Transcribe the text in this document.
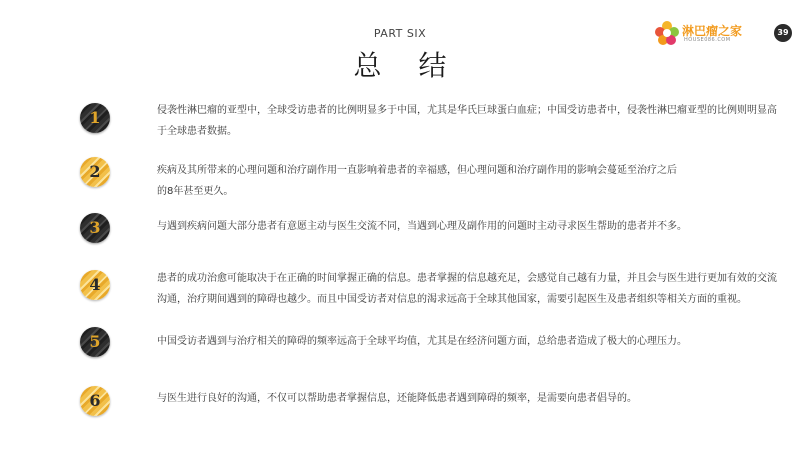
PART SIX
总 结
淋巴瘤之家
HOUSE086.COM
39
1	侵袭性淋巴瘤的亚型中，全球受访患者的比例明显多于中国，尤其是华氏巨球蛋白血症；中国受访患者中，侵袭性淋巴瘤亚型的比例则明显高于全球患者数据。
2	疾病及其所带来的心理问题和治疗副作用一直影响着患者的幸福感，但心理问题和治疗副作用的影响会蔓延至治疗之后的8年甚至更久。
3	与遇到疾病问题大部分患者有意愿主动与医生交流不同，当遇到心理及副作用的问题时主动寻求医生帮助的患者并不多。
4	患者的成功治愈可能取决于在正确的时间掌握正确的信息。患者掌握的信息越充足，会感觉自己越有力量，并且会与医生进行更加有效的交流沟通，治疗期间遇到的障碍也越少。而且中国受访者对信息的渴求远高于全球其他国家，需要引起医生及患者组织等相关方面的重视。
5	中国受访者遇到与治疗相关的障碍的频率远高于全球平均值，尤其是在经济问题方面，总给患者造成了极大的心理压力。
6	与医生进行良好的沟通，不仅可以帮助患者掌握信息，还能降低患者遇到障碍的频率，是需要向患者倡导的。
